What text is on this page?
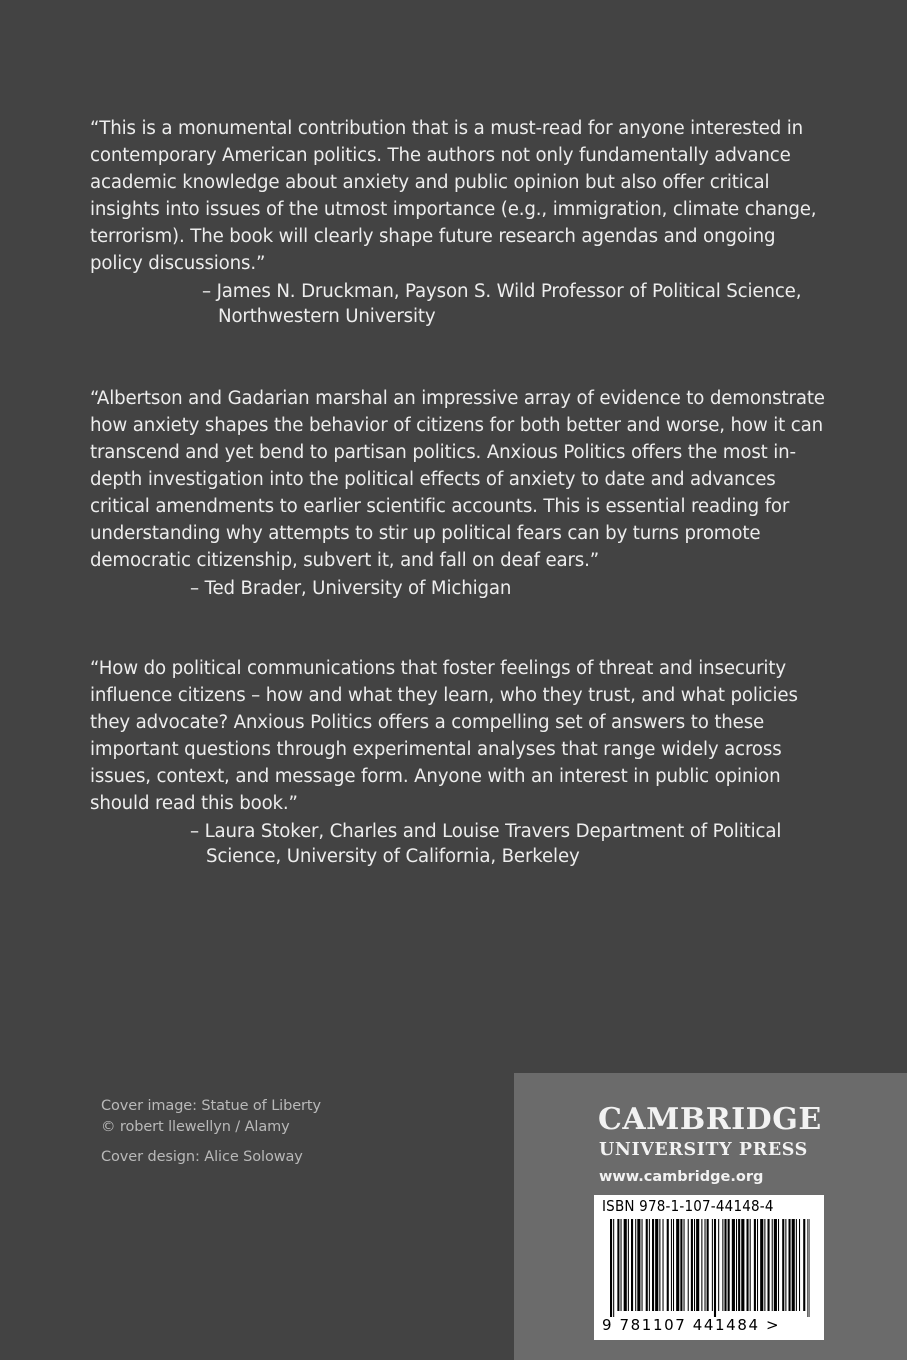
“This is a monumental contribution that is a must-read for anyone interested in contemporary American politics. The authors not only fundamentally advance academic knowledge about anxiety and public opinion but also offer critical insights into issues of the utmost importance (e.g., immigration, climate change, terrorism). The book will clearly shape future research agendas and ongoing policy discussions.”

– James N. Druckman, Payson S. Wild Professor of Political Science,
Northwestern University

“Albertson and Gadarian marshal an impressive array of evidence to demonstrate how anxiety shapes the behavior of citizens for both better and worse, how it can transcend and yet bend to partisan politics. Anxious Politics offers the most in-depth investigation into the political effects of anxiety to date and advances critical amendments to earlier scientific accounts. This is essential reading for understanding why attempts to stir up political fears can by turns promote democratic citizenship, subvert it, and fall on deaf ears.”

– Ted Brader, University of Michigan

“How do political communications that foster feelings of threat and insecurity influence citizens – how and what they learn, who they trust, and what policies they advocate? Anxious Politics offers a compelling set of answers to these important questions through experimental analyses that range widely across issues, context, and message form. Anyone with an interest in public opinion should read this book.”

– Laura Stoker, Charles and Louise Travers Department of Political
Science, University of California, Berkeley
Cover image: Statue of Liberty
© robert llewellyn / Alamy
Cover design: Alice Soloway
CAMBRIDGE
UNIVERSITY PRESS
www.cambridge.org
ISBN 978-1-107-44148-4
9 781107 441484 >
